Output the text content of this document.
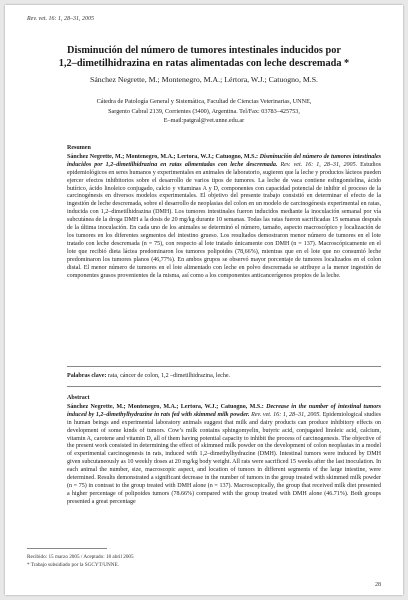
Rev. vet. 16: 1, 28–31, 2005
Disminución del número de tumores intestinales inducidos por
1,2–dimetilhidrazina en ratas alimentadas con leche descremada *
Sánchez Negrette, M.; Montenegro, M.A.; Lértora, W.J.; Catuogno, M.S.
Cátedra de Patología General y Sistemática, Facultad de Ciencias Veterinarias, UNNE,
Sargento Cabral 2139, Corrientes (3400), Argentina. Tel/Fax: 03783–425753,
E–mail:patgral@vet.unne.edu.ar
Resumen
Sánchez Negrette, M.; Montenegro, M.A.; Lertora, W.J.; Catuogno, M.S.: Disminución del número de tumores intestinales inducidos por 1,2–dimetilhidrazina en ratas alimentadas con leche descremada. Rev. vet. 16: 1, 28–31, 2005. Estudios epidemiológicos en seres humanos y experimentales en animales de laboratorio, sugieren que la leche y productos lácteos pueden ejercer efectos inhibitorios sobre el desarrollo de varios tipos de tumores. La leche de vaca contiene esfingomielina, ácido butírico, ácido linoleico conjugado, calcio y vitaminas A y D, componentes con capacidad potencial de inhibir el proceso de la carcinogénesis en diversos modelos experimentales. El objetivo del presente trabajo consistió en determinar el efecto de la ingestión de leche descremada, sobre el desarrollo de neoplasias del colon en un modelo de carcinogénesis experimental en ratas, inducida con 1,2–dimetilhidrazina (DMH). Los tumores intestinales fueron inducidos mediante la inoculación semanal por vía subcutánea de la droga DMH a la dosis de 20 mg/kg durante 10 semanas. Todas las ratas fueron sacrificadas 15 semanas después de la última inoculación. En cada uno de los animales se determinó el número, tamaño, aspecto macroscópico y localización de los tumores en los diferentes segmentos del intestino grueso. Los resultados demostraron menor número de tumores en el lote tratado con leche descremada (n = 75), con respecto al lote tratado únicamente con DMH (n = 137). Macroscópicamente en el lote que recibió dieta láctea predominaron los tumores polipoides (78,66%), mientras que en el lote que no consumió leche predominaron los tumores planos (46,77%). En ambos grupos se observó mayor porcentaje de tumores localizados en el colon distal. El menor número de tumores en el lote alimentado con leche en polvo descremada se atribuye a la menor ingestión de componentes grasos provenientes de la misma, así como a los componentes anticancerígenos propios de la leche.
Palabras clave: rata, cáncer de colon, 1,2 –dimetilhidrazina, leche.
Abstract
Sánchez Negrette, M.; Montenegro, M.A.; Lertora, W.J.; Catuogno, M.S.: Decrease in the number of intestinal tumors induced by 1,2–dimethylhydrazine in rats fed with skimmed milk powder. Rev. vet. 16: 1, 28–31, 2005. Epidemiological studies in human beings and experimental laboratory animals suggest that milk and dairy products can produce inhibitory effects on development of some kinds of tumors. Cow’s milk contains sphingomyelin, butyric acid, conjugated linoleic acid, calcium, vitamin A, carotene and vitamin D, all of them having potential capacity to inhibit the process of carcinogenesis. The objective of the present work consisted in determining the effect of skimmed milk powder on the development of colon neoplasias in a model of experimental carcinogenesis in rats, induced with 1,2–dimethylhydrazine (DMH). Intestinal tumors were induced by DMH given subcutaneously as 10 weekly doses at 20 mg/kg body weight. All rats were sacrificed 15 weeks after the last inoculation. In each animal the number, size, macroscopic aspect, and location of tumors in different segments of the large intestine, were determined. Results demonstrated a significant decrease in the number of tumors in the group treated with skimmed milk powder (n = 75) in contrast to the group treated with DMH alone (n = 137). Macroscopically, the group that received milk diet presented a higher percentage of polipoides tumors (78.66%) compared with the group treated with DMH alone (46.71%). Both groups presented a great percentage
Recibido: 15 marzo 2005 / Aceptado: 18 abril 2005
* Trabajo subsidiado por la SGCYT/UNNE.
28
